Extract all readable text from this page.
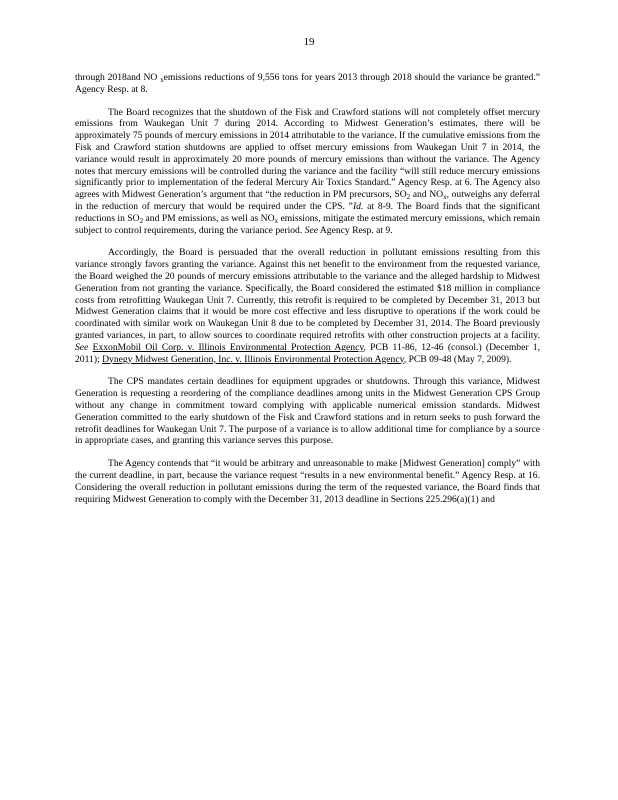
19

through 2018and NO $_x$emissions reductions of 9,556 tons for years 2013 through 2018 should the variance be granted.” Agency Resp. at 8.

The Board recognizes that the shutdown of the Fisk and Crawford stations will not completely offset mercury emissions from Waukegan Unit 7 during 2014. According to Midwest Generation’s estimates, there will be approximately 75 pounds of mercury emissions in 2014 attributable to the variance. If the cumulative emissions from the Fisk and Crawford station shutdowns are applied to offset mercury emissions from Waukegan Unit 7 in 2014, the variance would result in approximately 20 more pounds of mercury emissions than without the variance. The Agency notes that mercury emissions will be controlled during the variance and the facility “will still reduce mercury emissions significantly prior to implementation of the federal Mercury Air Toxics Standard.” Agency Resp. at 6. The Agency also agrees with Midwest Generation’s argument that “the reduction in PM precursors, $SO_2$ and $NO_x$, outweighs any deferral in the reduction of mercury that would be required under the CPS. ”Id. at 8-9. The Board finds that the significant reductions in $SO_2$ and PM emissions, as well as $NO_x$ emissions, mitigate the estimated mercury emissions, which remain subject to control requirements, during the variance period. See Agency Resp. at 9.

Accordingly, the Board is persuaded that the overall reduction in pollutant emissions resulting from this variance strongly favors granting the variance. Against this net benefit to the environment from the requested variance, the Board weighed the 20 pounds of mercury emissions attributable to the variance and the alleged hardship to Midwest Generation from not granting the variance. Specifically, the Board considered the estimated $18 million in compliance costs from retrofitting Waukegan Unit 7. Currently, this retrofit is required to be completed by December 31, 2013 but Midwest Generation claims that it would be more cost effective and less disruptive to operations if the work could be coordinated with similar work on Waukegan Unit 8 due to be completed by December 31, 2014. The Board previously granted variances, in part, to allow sources to coordinate required retrofits with other construction projects at a facility. See ExxonMobil Oil Corp. v. Illinois Environmental Protection Agency, PCB 11-86, 12-46 (consol.) (December 1, 2011); Dynegy Midwest Generation, Inc. v. Illinois Environmental Protection Agency, PCB 09-48 (May 7, 2009).

The CPS mandates certain deadlines for equipment upgrades or shutdowns. Through this variance, Midwest Generation is requesting a reordering of the compliance deadlines among units in the Midwest Generation CPS Group without any change in commitment toward complying with applicable numerical emission standards. Midwest Generation committed to the early shutdown of the Fisk and Crawford stations and in return seeks to push forward the retrofit deadlines for Waukegan Unit 7. The purpose of a variance is to allow additional time for compliance by a source in appropriate cases, and granting this variance serves this purpose.

The Agency contends that “it would be arbitrary and unreasonable to make [Midwest Generation] comply” with the current deadline, in part, because the variance request “results in a new environmental benefit.” Agency Resp. at 16. Considering the overall reduction in pollutant emissions during the term of the requested variance, the Board finds that requiring Midwest Generation to comply with the December 31, 2013 deadline in Sections 225.296(a)(1) and
